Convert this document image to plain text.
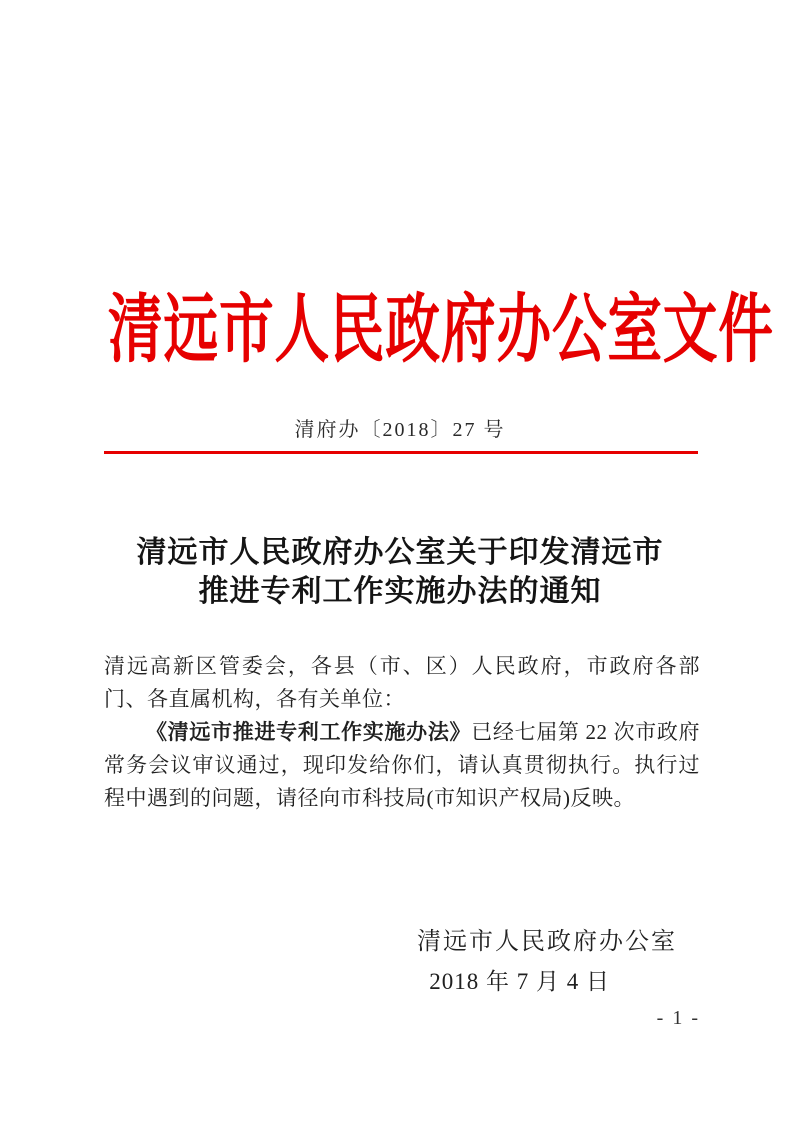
清远市人民政府办公室文件
清府办〔2018〕27 号
清远市人民政府办公室关于印发清远市
推进专利工作实施办法的通知

清远高新区管委会，各县（市、区）人民政府，市政府各部门、各直属机构，各有关单位：

《清远市推进专利工作实施办法》已经七届第 22 次市政府常务会议审议通过，现印发给你们，请认真贯彻执行。执行过程中遇到的问题，请径向市科技局(市知识产权局)反映。

清远市人民政府办公室
2018 年 7 月 4 日
- 1 -
